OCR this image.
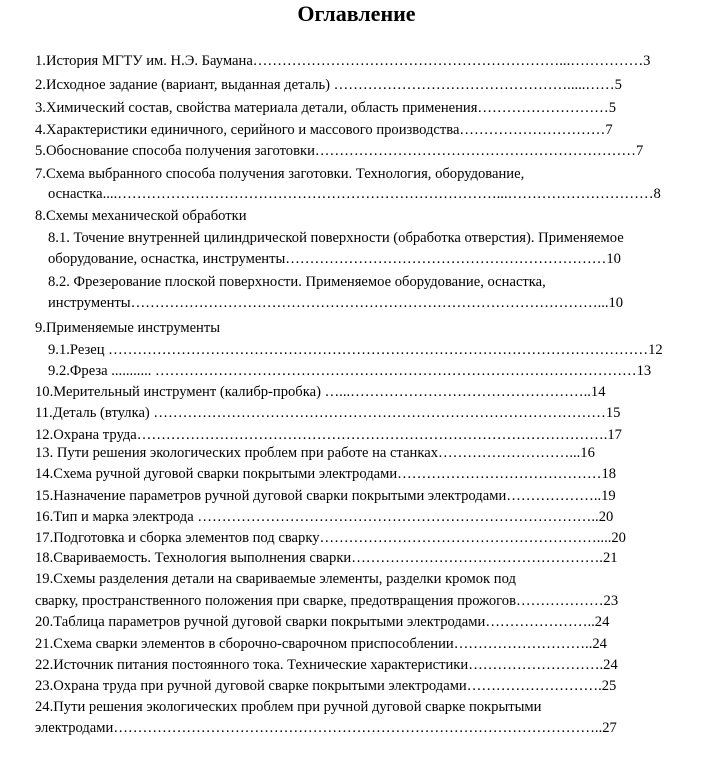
Оглавление
1.История МГТУ им. Н.Э. Баумана………………………………………………………...……………3
2.Исходное задание (вариант, выданная деталь) ………………………………………….....……5
3.Химический состав, свойства материала детали, область применения………………………5
4.Характеристики единичного, серийного и массового производства…………………………7
5.Обоснование способа получения заготовки…………………………………………………………7
7.Схема выбранного способа получения заготовки. Технология, оборудование,
оснастка....……………………………………………………………………...…………………………8
8.Схемы механической обработки
8.1. Точение внутренней цилиндрической поверхности (обработка отверстия). Применяемое
оборудование, оснастка, инструменты…………………………………………………………10
8.2. Фрезерование плоской поверхности. Применяемое оборудование, оснастка,
инструменты……………………………………………………………………………………...10
9.Применяемые инструменты
9.1.Резец …………………………………………………………………………………………………12
9.2.Фреза ........... ………………………………………………………………………………………13
10.Мерительный инструмент (калибр-пробка) …...…………………………………………..14
11.Деталь (втулка) …………………………………………………………………………………15
12.Охрана труда…………………………………………………………………………………….17
13. Пути решения экологических проблем при работе на станках………………………...16
14.Схема ручной дуговой сварки покрытыми электродами……………………………………18
15.Назначение параметров ручной дуговой сварки покрытыми электродами………………..19
16.Тип и марка электрода ………………………………………………………………………..20
17.Подготовка и сборка элементов под сварку…………………………………………………....20
18.Свариваемость. Технология выполнения сварки…………………………………………….21
19.Схемы разделения детали на свариваемые элементы, разделки кромок под
сварку, пространственного положения при сварке, предотвращения прожогов………………23
20.Таблица параметров ручной дуговой сварки покрытыми электродами…………………..24
21.Схема сварки элементов в сборочно-сварочном приспособлении………………………..24
22.Источник питания постоянного тока. Технические характеристики……………………….24
23.Охрана труда при ручной дуговой сварке покрытыми электродами……………………….25
24.Пути решения экологических проблем при ручной дуговой сварке покрытыми
электродами………………………………………………………………………………………..27
